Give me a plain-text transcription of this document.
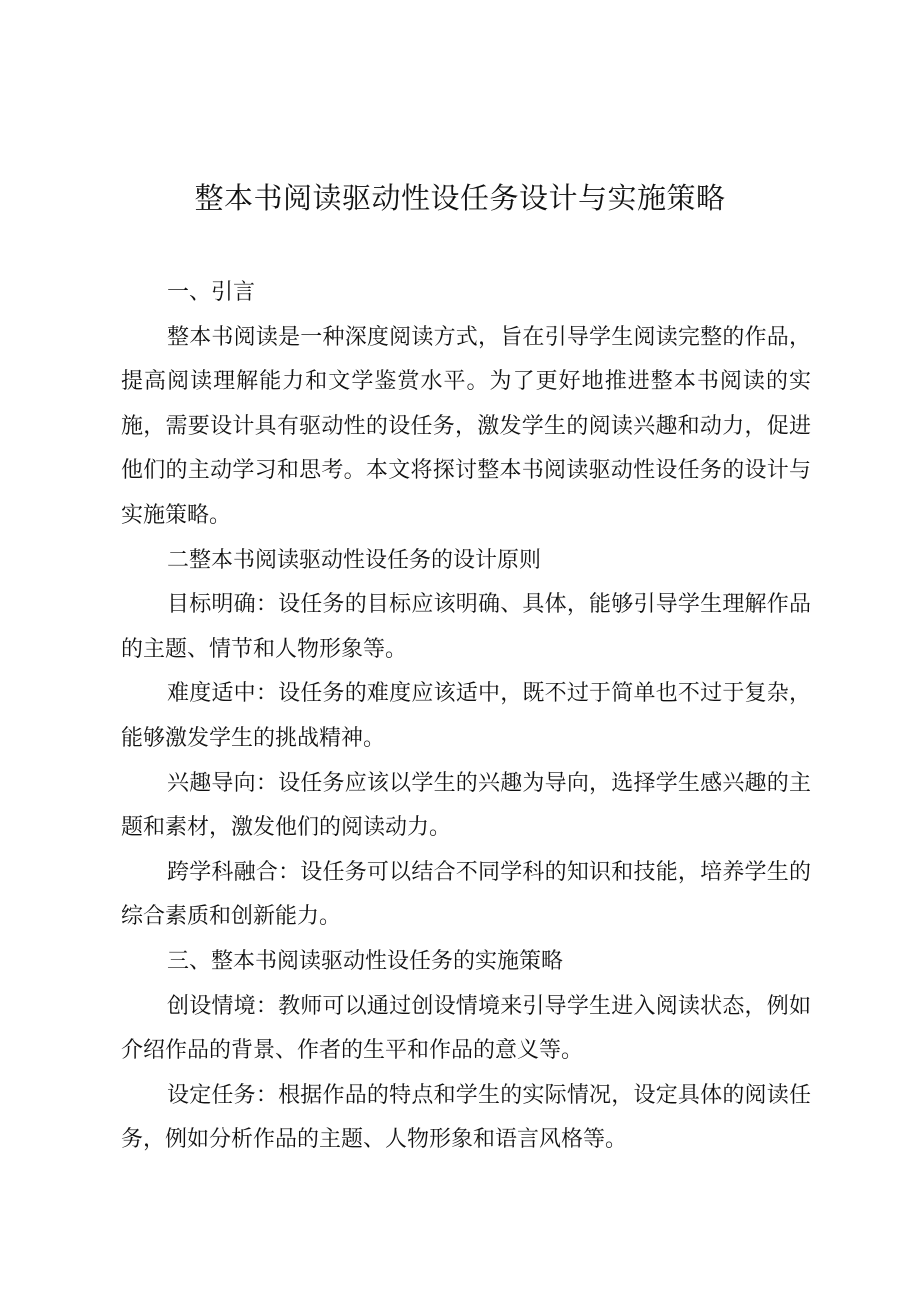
整本书阅读驱动性设任务设计与实施策略

一、引言

整本书阅读是一种深度阅读方式，旨在引导学生阅读完整的作品，提高阅读理解能力和文学鉴赏水平。为了更好地推进整本书阅读的实施，需要设计具有驱动性的设任务，激发学生的阅读兴趣和动力，促进他们的主动学习和思考。本文将探讨整本书阅读驱动性设任务的设计与实施策略。

二整本书阅读驱动性设任务的设计原则

目标明确：设任务的目标应该明确、具体，能够引导学生理解作品的主题、情节和人物形象等。

难度适中：设任务的难度应该适中，既不过于简单也不过于复杂，能够激发学生的挑战精神。

兴趣导向：设任务应该以学生的兴趣为导向，选择学生感兴趣的主题和素材，激发他们的阅读动力。

跨学科融合：设任务可以结合不同学科的知识和技能，培养学生的综合素质和创新能力。

三、整本书阅读驱动性设任务的实施策略

创设情境：教师可以通过创设情境来引导学生进入阅读状态，例如介绍作品的背景、作者的生平和作品的意义等。

设定任务：根据作品的特点和学生的实际情况，设定具体的阅读任务，例如分析作品的主题、人物形象和语言风格等。
